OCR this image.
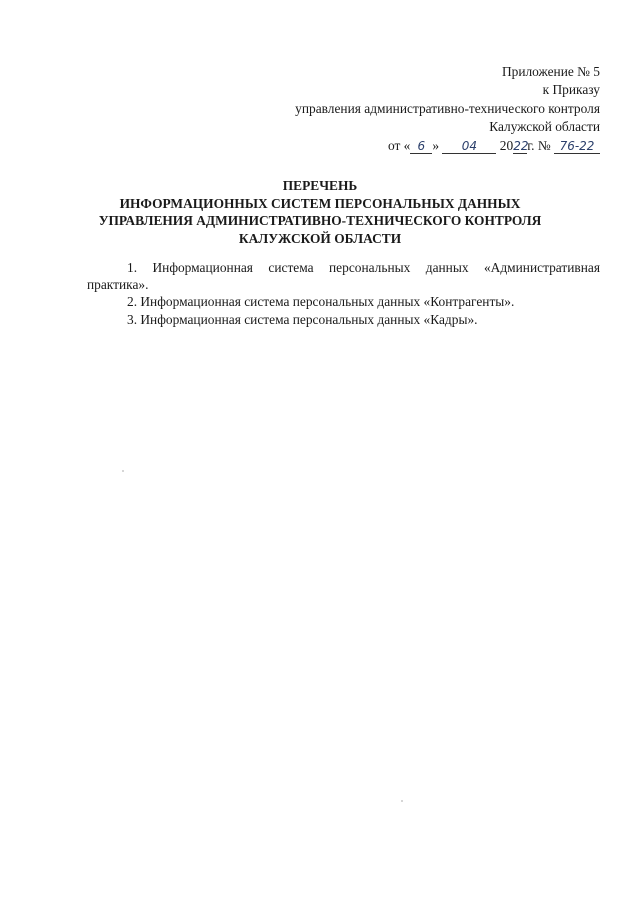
Приложение № 5
к Приказу
управления административно-технического контроля
Калужской области
от « 6 » 04 2022г. № 76-22
ПЕРЕЧЕНЬ
ИНФОРМАЦИОННЫХ СИСТЕМ ПЕРСОНАЛЬНЫХ ДАННЫХ
УПРАВЛЕНИЯ АДМИНИСТРАТИВНО-ТЕХНИЧЕСКОГО КОНТРОЛЯ
КАЛУЖСКОЙ ОБЛАСТИ

1. Информационная система персональных данных «Административная практика».

2. Информационная система персональных данных «Контрагенты».

3. Информационная система персональных данных «Кадры».
